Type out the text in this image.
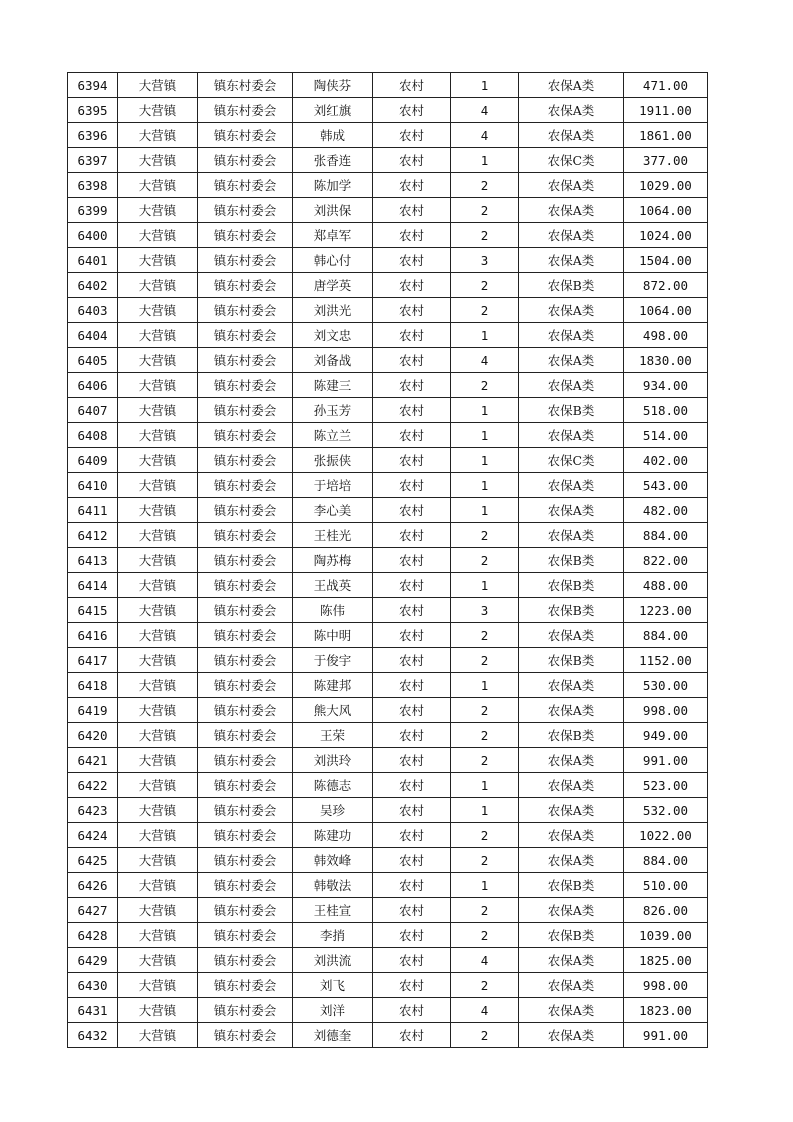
6394	大营镇	镇东村委会	陶侠芬	农村	1	农保A类	471.00
6395	大营镇	镇东村委会	刘红旗	农村	4	农保A类	1911.00
6396	大营镇	镇东村委会	韩成	农村	4	农保A类	1861.00
6397	大营镇	镇东村委会	张香连	农村	1	农保C类	377.00
6398	大营镇	镇东村委会	陈加学	农村	2	农保A类	1029.00
6399	大营镇	镇东村委会	刘洪保	农村	2	农保A类	1064.00
6400	大营镇	镇东村委会	郑卓军	农村	2	农保A类	1024.00
6401	大营镇	镇东村委会	韩心付	农村	3	农保A类	1504.00
6402	大营镇	镇东村委会	唐学英	农村	2	农保B类	872.00
6403	大营镇	镇东村委会	刘洪光	农村	2	农保A类	1064.00
6404	大营镇	镇东村委会	刘文忠	农村	1	农保A类	498.00
6405	大营镇	镇东村委会	刘备战	农村	4	农保A类	1830.00
6406	大营镇	镇东村委会	陈建三	农村	2	农保A类	934.00
6407	大营镇	镇东村委会	孙玉芳	农村	1	农保B类	518.00
6408	大营镇	镇东村委会	陈立兰	农村	1	农保A类	514.00
6409	大营镇	镇东村委会	张振侠	农村	1	农保C类	402.00
6410	大营镇	镇东村委会	于培培	农村	1	农保A类	543.00
6411	大营镇	镇东村委会	李心美	农村	1	农保A类	482.00
6412	大营镇	镇东村委会	王桂光	农村	2	农保A类	884.00
6413	大营镇	镇东村委会	陶苏梅	农村	2	农保B类	822.00
6414	大营镇	镇东村委会	王战英	农村	1	农保B类	488.00
6415	大营镇	镇东村委会	陈伟	农村	3	农保B类	1223.00
6416	大营镇	镇东村委会	陈中明	农村	2	农保A类	884.00
6417	大营镇	镇东村委会	于俊宇	农村	2	农保B类	1152.00
6418	大营镇	镇东村委会	陈建邦	农村	1	农保A类	530.00
6419	大营镇	镇东村委会	熊大风	农村	2	农保A类	998.00
6420	大营镇	镇东村委会	王荣	农村	2	农保B类	949.00
6421	大营镇	镇东村委会	刘洪玲	农村	2	农保A类	991.00
6422	大营镇	镇东村委会	陈德志	农村	1	农保A类	523.00
6423	大营镇	镇东村委会	吴珍	农村	1	农保A类	532.00
6424	大营镇	镇东村委会	陈建功	农村	2	农保A类	1022.00
6425	大营镇	镇东村委会	韩效峰	农村	2	农保A类	884.00
6426	大营镇	镇东村委会	韩敬法	农村	1	农保B类	510.00
6427	大营镇	镇东村委会	王桂宣	农村	2	农保A类	826.00
6428	大营镇	镇东村委会	李捎	农村	2	农保B类	1039.00
6429	大营镇	镇东村委会	刘洪流	农村	4	农保A类	1825.00
6430	大营镇	镇东村委会	刘飞	农村	2	农保A类	998.00
6431	大营镇	镇东村委会	刘洋	农村	4	农保A类	1823.00
6432	大营镇	镇东村委会	刘德奎	农村	2	农保A类	991.00
